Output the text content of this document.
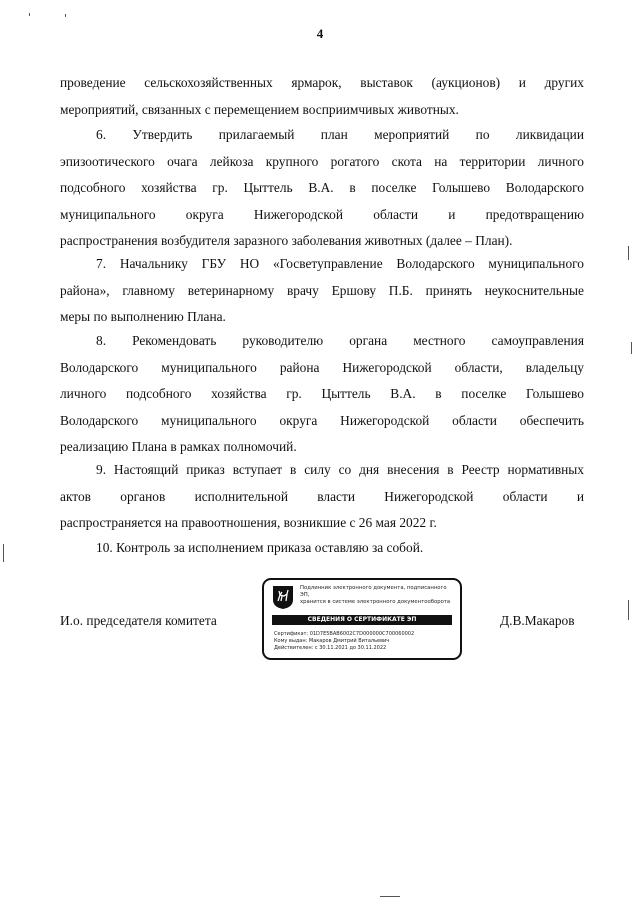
4

проведение сельскохозяйственных ярмарок, выставок (аукционов) и других
мероприятий, связанных с перемещением восприимчивых животных.

6. Утвердить прилагаемый план мероприятий по ликвидации
эпизоотического очага лейкоза крупного рогатого скота на территории личного
подсобного хозяйства гр. Цыттель В.А. в поселке Голышево Володарского
муниципального округа Нижегородской области и предотвращению
распространения возбудителя заразного заболевания животных (далее – План).

7. Начальнику ГБУ НО «Госветуправление Володарского муниципального
района», главному ветеринарному врачу Ершову П.Б. принять неукоснительные
меры по выполнению Плана.

8. Рекомендовать руководителю органа местного самоуправления
Володарского муниципального района Нижегородской области, владельцу
личного подсобного хозяйства гр. Цыттель В.А. в поселке Голышево
Володарского муниципального округа Нижегородской области обеспечить
реализацию Плана в рамках полномочий.

9. Настоящий приказ вступает в силу со дня внесения в Реестр нормативных
актов органов исполнительной власти Нижегородской области и
распространяется на правоотношения, возникшие с 26 мая 2022 г.

10. Контроль за исполнением приказа оставляю за собой.

И.о. председателя комитета	Д.В.Макаров
Подлинник электронного документа, подписанного ЭП,
хранится в системе электронного документооборота
СВЕДЕНИЯ О СЕРТИФИКАТЕ ЭП
Сертификат: 01D7E5BAB6002C7D000000C700060002
Кому выдан: Макаров Дмитрий Витальевич
Действителен: с 30.11.2021 до 30.11.2022
